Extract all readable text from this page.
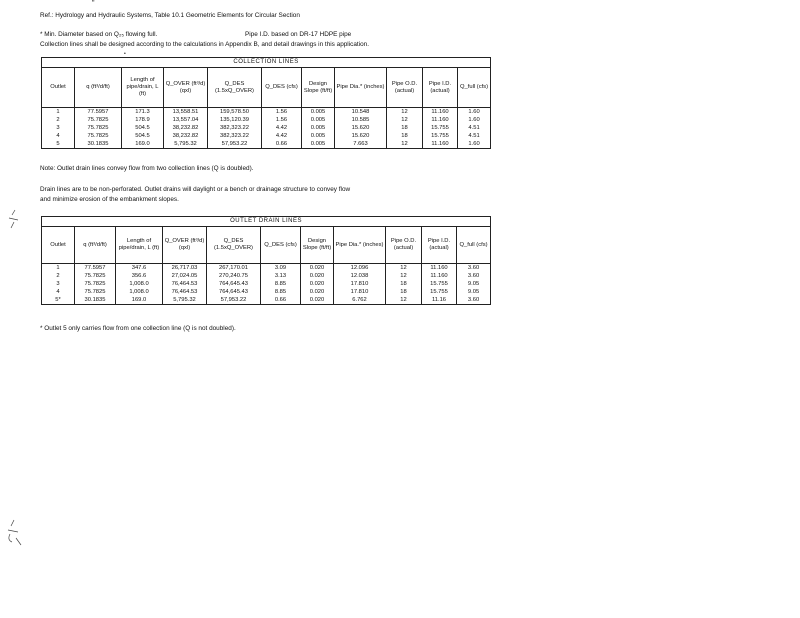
"
Ref.: Hydrology and Hydraulic Systems, Table 10.1 Geometric Elements for Circular Section
* Min. Diameter based on Q₂₅ flowing full.	Pipe I.D. based on DR-17 HDPE pipe
Collection lines shall be designed according to the calculations in Appendix B, and detail drawings in this application.
•
COLLECTION LINES										
Outlet	q (ft³/d/ft)	Length of pipe/drain, L (ft)	Q_OVER (ft³/d) (qxl)	Q_DES (1.5xQ_OVER)	Q_DES (cfs)	Design Slope (ft/ft)	Pipe Dia.* (inches)	Pipe O.D. (actual)	Pipe I.D. (actual)	Q_full (cfs)
1	77.5957	171.3	13,558.51	159,578.50	1.56	0.005	10.548	12	11.160	1.60
2	75.7825	178.9	13,557.04	135,120.39	1.56	0.005	10.585	12	11.160	1.60
3	75.7825	504.5	38,232.82	382,323.22	4.42	0.005	15.620	18	15.755	4.51
4	75.7825	504.5	38,232.82	382,323.22	4.42	0.005	15.620	18	15.755	4.51
5	30.1835	169.0	5,795.32	57,953.22	0.66	0.005	7.663	12	11.160	1.60
Note: Outlet drain lines convey flow from two collection lines (Q is doubled).
Drain lines are to be non-perforated. Outlet drains will daylight or a bench or drainage structure to convey flow
and minimize erosion of the embankment slopes.
OUTLET DRAIN LINES										
Outlet	q (ft³/d/ft)	Length of pipe/drain, L (ft)	Q_OVER (ft³/d) (qxl)	Q_DES (1.5xQ_OVER)	Q_DES (cfs)	Design Slope (ft/ft)	Pipe Dia.* (inches)	Pipe O.D. (actual)	Pipe I.D. (actual)	Q_full (cfs)
1	77.5957	347.6	26,717.03	267,170.01	3.09	0.020	12.096	12	11.160	3.60
2	75.7825	356.6	27,024.05	270,240.75	3.13	0.020	12.038	12	11.160	3.60
3	75.7825	1,008.0	76,464.53	764,645.43	8.85	0.020	17.810	18	15.755	9.05
4	75.7825	1,008.0	76,464.53	764,645.43	8.85	0.020	17.810	18	15.755	9.05
5*	30.1835	169.0	5,795.32	57,953.22	0.66	0.020	6.762	12	11.16	3.60
* Outlet 5 only carries flow from one collection line (Q is not doubled).
